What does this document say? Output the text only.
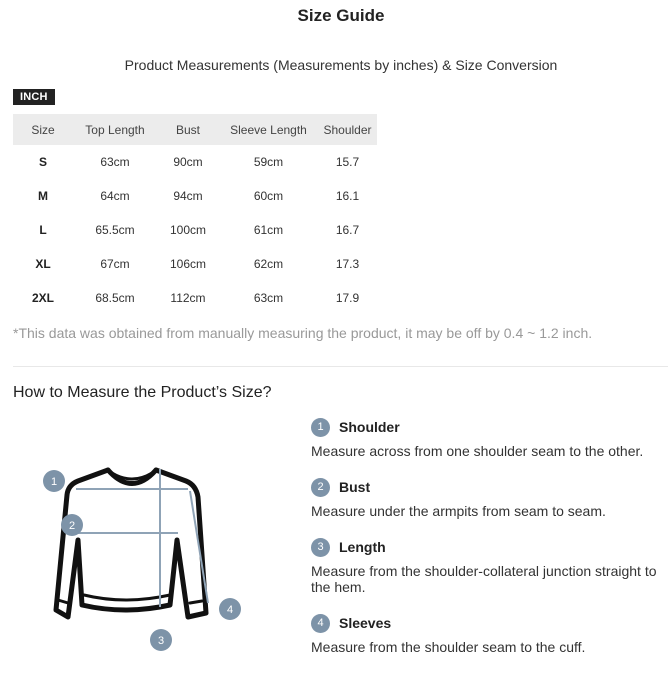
Size Guide
Product Measurements (Measurements by inches) & Size Conversion
INCH
Size	Top Length	Bust	Sleeve Length	Shoulder
S	63cm	90cm	59cm	15.7
M	64cm	94cm	60cm	16.1
L	65.5cm	100cm	61cm	16.7
XL	67cm	106cm	62cm	17.3
2XL	68.5cm	112cm	63cm	17.9
*This data was obtained from manually measuring the product, it may be off by 0.4 ~ 1.2 inch.
How to Measure the Product’s Size?
1
2
3
4
1	Shoulder
Measure across from one shoulder seam to the other.
2	Bust
Measure under the armpits from seam to seam.
3	Length
Measure from the shoulder-collateral junction straight to the hem.
4	Sleeves
Measure from the shoulder seam to the cuff.
